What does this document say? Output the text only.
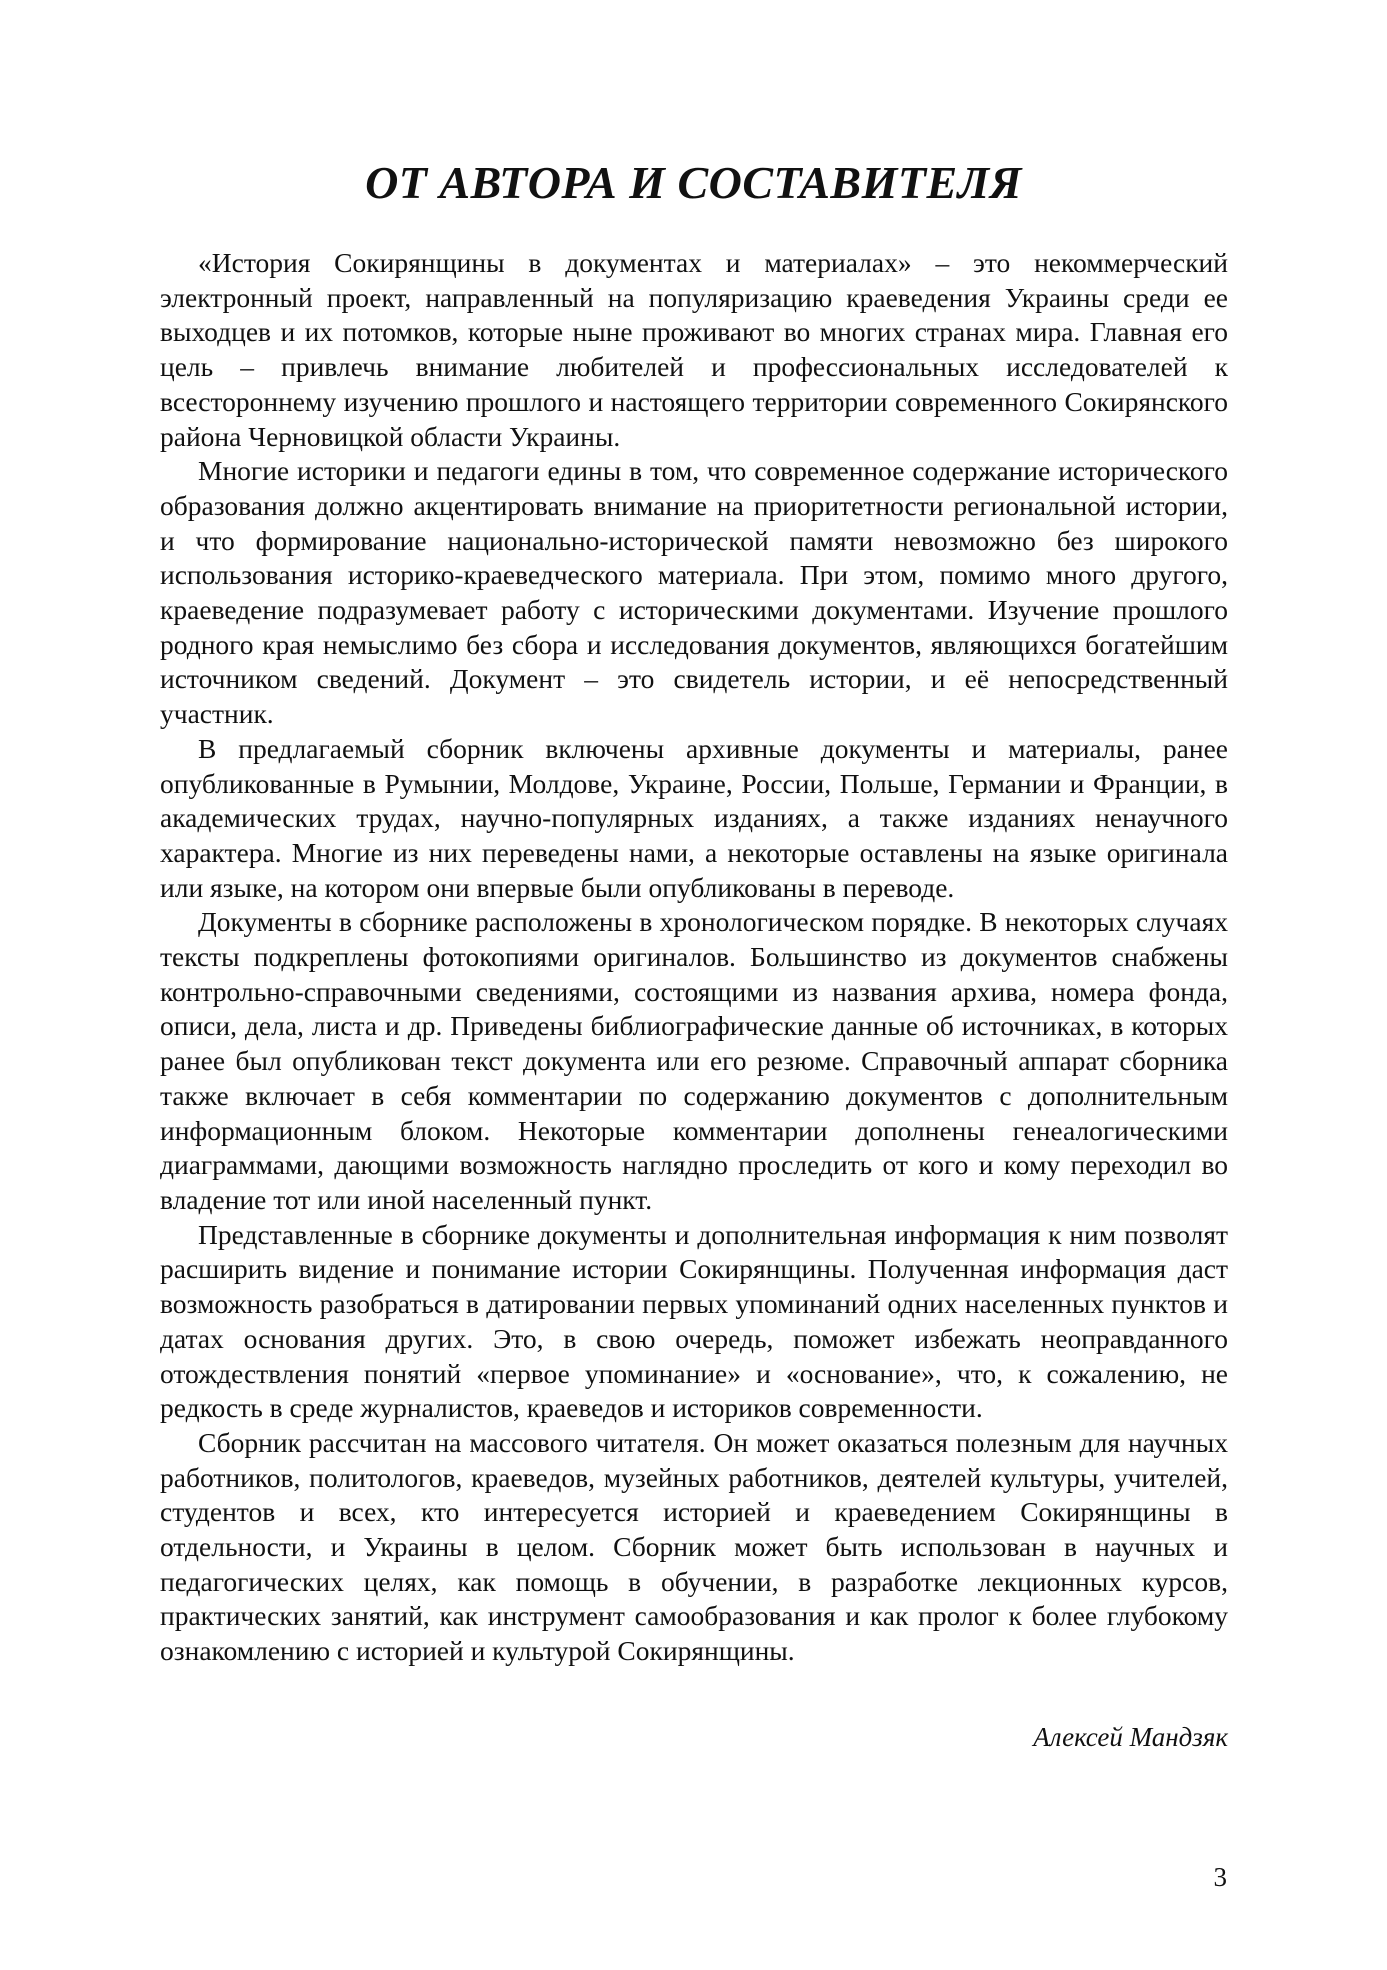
ОТ АВТОРА И СОСТАВИТЕЛЯ

«История Сокирянщины в документах и материалах» – это некоммерческий электронный проект, направленный на популяризацию краеведения Украины среди ее выходцев и их потомков, которые ныне проживают во многих странах мира. Главная его цель – привлечь внимание любителей и профессиональных исследователей к всестороннему изучению прошлого и настоящего территории современного Сокирянского района Черновицкой области Украины.

Многие историки и педагоги едины в том, что современное содержание исторического образования должно акцентировать внимание на приоритетности региональной истории, и что формирование национально-исторической памяти невозможно без широкого использования историко-краеведческого материала. При этом, помимо много другого, краеведение подразумевает работу с историческими документами. Изучение прошлого родного края немыслимо без сбора и исследования документов, являющихся богатейшим источником сведений. Документ – это свидетель истории, и её непосредственный участник.

В предлагаемый сборник включены архивные документы и материалы, ранее опубликованные в Румынии, Молдове, Украине, России, Польше, Германии и Франции, в академических трудах, научно-популярных изданиях, а также изданиях ненаучного характера. Многие из них переведены нами, а некоторые оставлены на языке оригинала или языке, на котором они впервые были опубликованы в переводе.

Документы в сборнике расположены в хронологическом порядке. В некоторых случаях тексты подкреплены фотокопиями оригиналов. Большинство из документов снабжены контрольно-справочными сведениями, состоящими из названия архива, номера фонда, описи, дела, листа и др. Приведены библиографические данные об источниках, в которых ранее был опубликован текст документа или его резюме. Справочный аппарат сборника также включает в себя комментарии по содержанию документов с дополнительным информационным блоком. Некоторые комментарии дополнены генеалогическими диаграммами, дающими возможность наглядно проследить от кого и кому переходил во владение тот или иной населенный пункт.

Представленные в сборнике документы и дополнительная информация к ним позволят расширить видение и понимание истории Сокирянщины. Полученная информация даст возможность разобраться в датировании первых упоминаний одних населенных пунктов и датах основания других. Это, в свою очередь, поможет избежать неоправданного отождествления понятий «первое упоминание» и «основание», что, к сожалению, не редкость в среде журналистов, краеведов и историков современности.

Сборник рассчитан на массового читателя. Он может оказаться полезным для научных работников, политологов, краеведов, музейных работников, деятелей культуры, учителей, студентов и всех, кто интересуется историей и краеведением Сокирянщины в отдельности, и Украины в целом. Сборник может быть использован в научных и педагогических целях, как помощь в обучении, в разработке лекционных курсов, практических занятий, как инструмент самообразования и как пролог к более глубокому ознакомлению с историей и культурой Сокирянщины.

Алексей Мандзяк

3
